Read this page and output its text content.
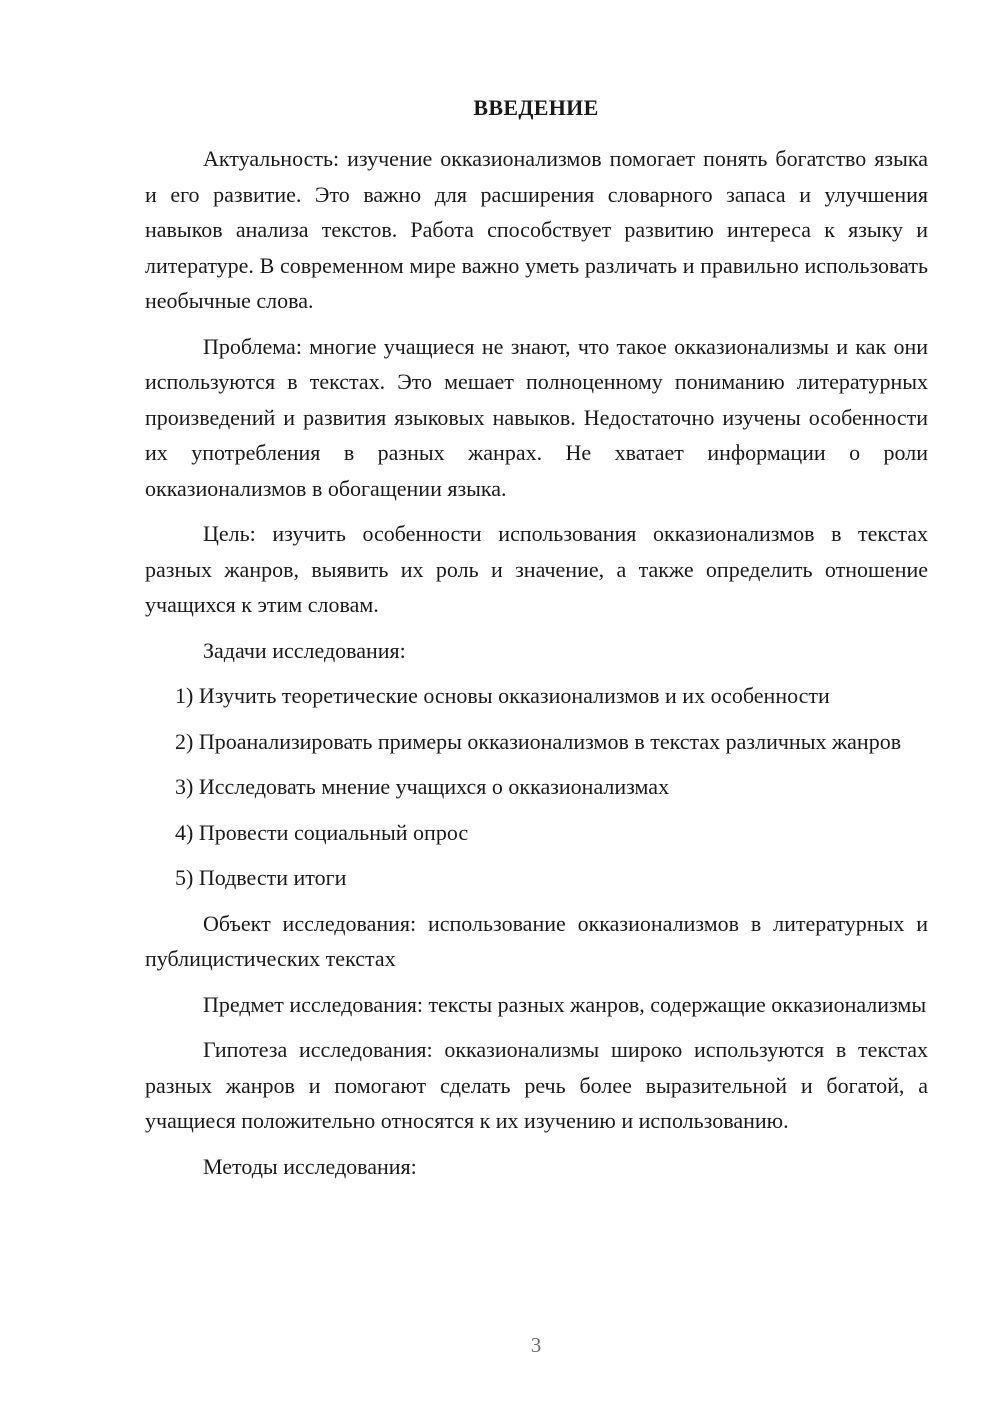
ВВЕДЕНИЕ

Актуальность: изучение окказионализмов помогает понять богатство языка и его развитие. Это важно для расширения словарного запаса и улучшения навыков анализа текстов. Работа способствует развитию интереса к языку и литературе. В современном мире важно уметь различать и правильно использовать необычные слова.

Проблема: многие учащиеся не знают, что такое окказионализмы и как они используются в текстах. Это мешает полноценному пониманию литературных произведений и развития языковых навыков. Недостаточно изучены особенности их употребления в разных жанрах. Не хватает информации о роли окказионализмов в обогащении языка.

Цель: изучить особенности использования окказионализмов в текстах разных жанров, выявить их роль и значение, а также определить отношение учащихся к этим словам.

Задачи исследования:

1) Изучить теоретические основы окказионализмов и их особенности

2) Проанализировать примеры окказионализмов в текстах различных жанров

3) Исследовать мнение учащихся о окказионализмах

4) Провести социальный опрос

5) Подвести итоги

Объект исследования: использование окказионализмов в литературных и публицистических текстах

Предмет исследования: тексты разных жанров, содержащие окказионализмы

Гипотеза исследования: окказионализмы широко используются в текстах разных жанров и помогают сделать речь более выразительной и богатой, а учащиеся положительно относятся к их изучению и использованию.

Методы исследования:

3
